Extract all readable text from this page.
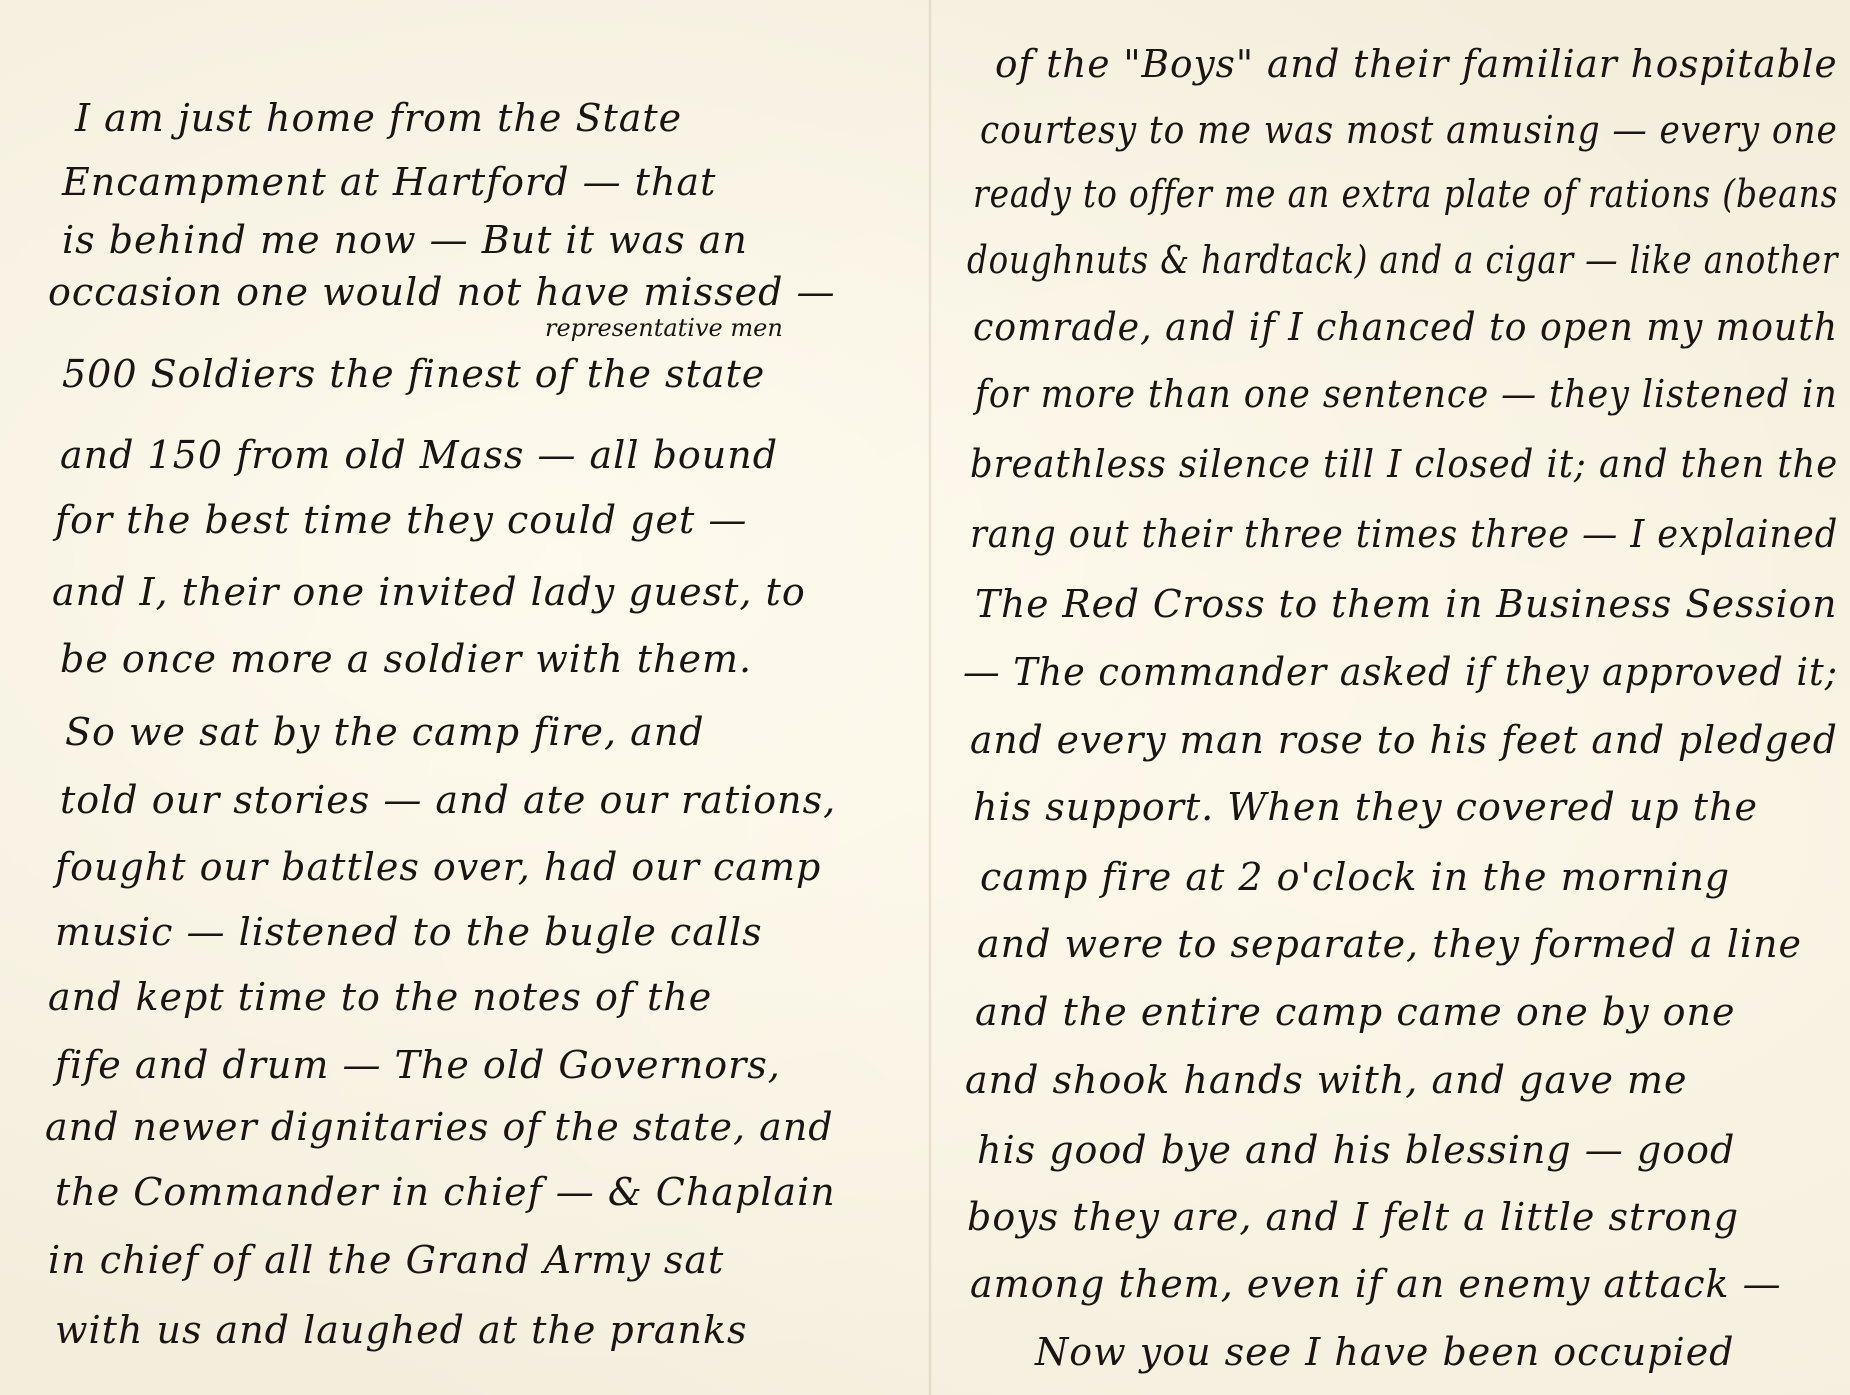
I am just home from the State
Encampment at Hartford — that
is behind me now — But it was an
occasion one would not have missed —
representative men
500 Soldiers the finest of the state
and 150 from old Mass — all bound
for the best time they could get —
and I, their one invited lady guest, to
be once more a soldier with them.
So we sat by the camp fire, and
told our stories — and ate our rations,
fought our battles over, had our camp
music — listened to the bugle calls
and kept time to the notes of the
fife and drum — The old Governors,
and newer dignitaries of the state, and
the Commander in chief — & Chaplain
in chief of all the Grand Army sat
with us and laughed at the pranks
of the "Boys" and their familiar hospitable
courtesy to me was most amusing — every one
ready to offer me an extra plate of rations (beans
doughnuts & hardtack) and a cigar — like another
comrade, and if I chanced to open my mouth
for more than one sentence — they listened in
breathless silence till I closed it; and then the
rang out their three times three — I explained
The Red Cross to them in Business Session
— The commander asked if they approved it;
and every man rose to his feet and pledged
his support. When they covered up the
camp fire at 2 o'clock in the morning
and were to separate, they formed a line
and the entire camp came one by one
and shook hands with, and gave me
his good bye and his blessing — good
boys they are, and I felt a little strong
among them, even if an enemy attack —
Now you see I have been occupied
